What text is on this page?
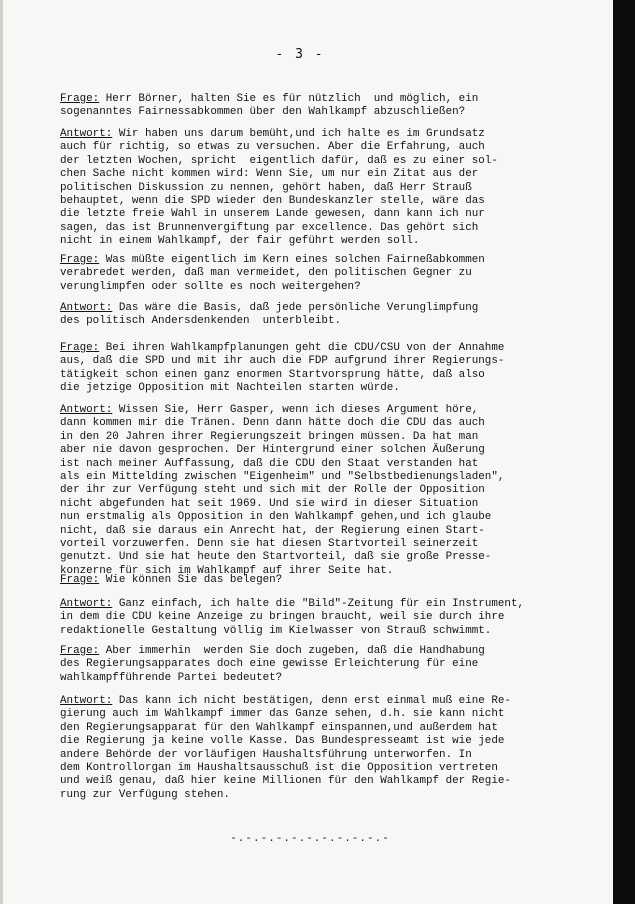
- 3 -
Frage: Herr Börner, halten Sie es für nützlich  und möglich, ein
sogenanntes Fairnessabkommen über den Wahlkampf abzuschließen?
Antwort: Wir haben uns darum bemüht,und ich halte es im Grundsatz
auch für richtig, so etwas zu versuchen. Aber die Erfahrung, auch
der letzten Wochen, spricht  eigentlich dafür, daß es zu einer sol-
chen Sache nicht kommen wird: Wenn Sie, um nur ein Zitat aus der
politischen Diskussion zu nennen, gehört haben, daß Herr Strauß
behauptet, wenn die SPD wieder den Bundeskanzler stelle, wäre das
die letzte freie Wahl in unserem Lande gewesen, dann kann ich nur
sagen, das ist Brunnenvergiftung par excellence. Das gehört sich
nicht in einem Wahlkampf, der fair geführt werden soll.
Frage: Was müßte eigentlich im Kern eines solchen Fairneßabkommen
verabredet werden, daß man vermeidet, den politischen Gegner zu
verunglimpfen oder sollte es noch weitergehen?
Antwort: Das wäre die Basis, daß jede persönliche Verunglimpfung
des politisch Andersdenkenden  unterbleibt.
Frage: Bei ihren Wahlkampfplanungen geht die CDU/CSU von der Annahme
aus, daß die SPD und mit ihr auch die FDP aufgrund ihrer Regierungs-
tätigkeit schon einen ganz enormen Startvorsprung hätte, daß also
die jetzige Opposition mit Nachteilen starten würde.
Antwort: Wissen Sie, Herr Gasper, wenn ich dieses Argument höre,
dann kommen mir die Tränen. Denn dann hätte doch die CDU das auch
in den 20 Jahren ihrer Regierungszeit bringen müssen. Da hat man
aber nie davon gesprochen. Der Hintergrund einer solchen Äußerung
ist nach meiner Auffassung, daß die CDU den Staat verstanden hat
als ein Mitteldíng zwischen "Eigenheim" und "Selbstbedienungsladen",
der ihr zur Verfügung steht und sich mit der Rolle der Opposition
nicht abgefunden hat seit 1969. Und sie wird in dieser Situation
nun erstmalig als Opposition in den Wahlkampf gehen,und ich glaube
nicht, daß sie daraus ein Anrecht hat, der Regierung einen Start-
vorteil vorzuwerfen. Denn sie hat diesen Startvorteil seinerzeit
genutzt. Und sie hat heute den Startvorteil, daß sie große Presse-
konzerne für sich im Wahlkampf auf ihrer Seite hat.
Frage: Wie können Sie das belegen?
Antwort: Ganz einfach, ich halte die "Bild"-Zeitung für ein Instrument,
in dem die CDU keine Anzeige zu bringen braucht, weil sie durch ihre
redaktionelle Gestaltung völlig im Kielwasser von Strauß schwimmt.
Frage: Aber immerhin  werden Sie doch zugeben, daß die Handhabung
des Regierungsapparates doch eine gewisse Erleichterung für eine
wahlkampfführende Partei bedeutet?
Antwort: Das kann ich nicht bestätigen, denn erst einmal muß eine Re-
gierung auch im Wahlkampf immer das Ganze sehen, d.h. sie kann nicht
den Regierungsapparat für den Wahlkampf einspannen,und außerdem hat
die Regierung ja keine volle Kasse. Das Bundespresseamt ist wie jede
andere Behörde der vorläufigen Haushaltsführung unterworfen. In
dem Kontrollorgan im Haushaltsausschuß ist die Opposition vertreten
und weiß genau, daß hier keine Millionen für den Wahlkampf der Regie-
rung zur Verfügung stehen.
-.-.-.-.-.-.-.-.-.-.-
